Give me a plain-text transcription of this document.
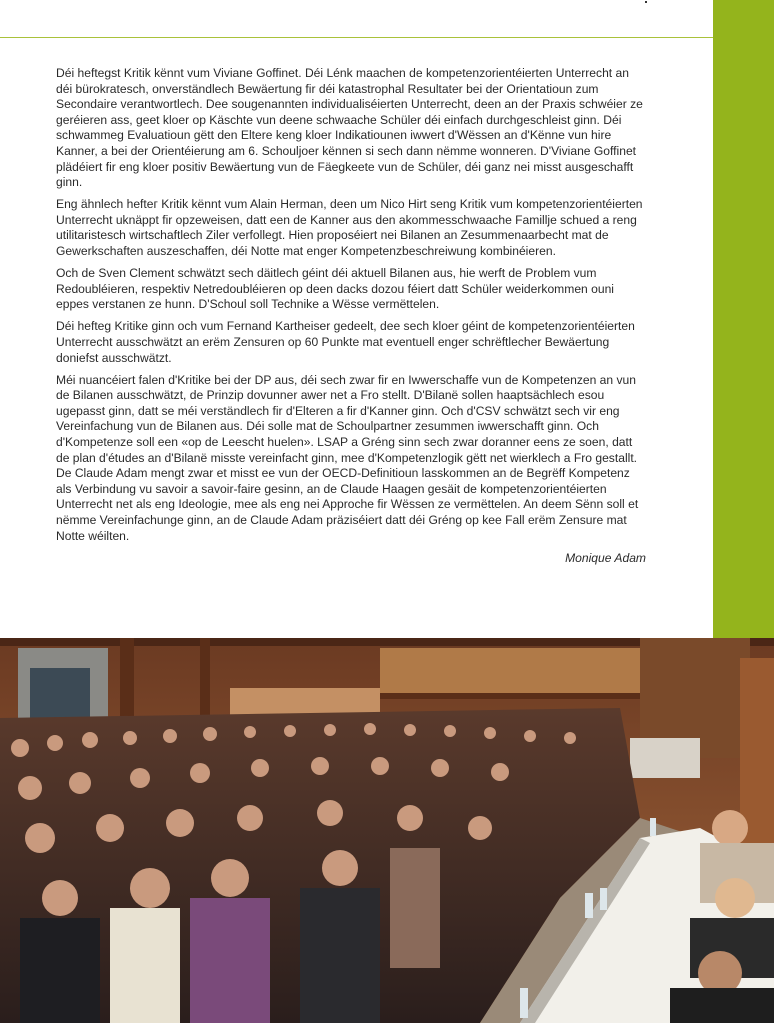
Déi heftegst Kritik kënnt vum Viviane Goffinet. Déi Lénk maachen de kompetenzorientéierten Unterrecht an déi bürokratesch, onverständlech Bewäertung fir déi katastrophal Resultater bei der Orientatioun zum Secondaire verantwortlech. Dee sougenannten individualiséierten Unterrecht, deen an der Praxis schwéier ze geréieren ass, geet kloer op Käschte vun deene schwaache Schüler déi einfach durchgeschleist ginn. Déi schwammeg Evaluatioun gëtt den Eltere keng kloer Indikatiounen iwwert d'Wëssen an d'Kënne vun hire Kanner, a bei der Orientéierung am 6. Schouljoer kënnen si sech dann nëmme wonneren. D'Viviane Goffinet plädéiert fir eng kloer positiv Bewäertung vun de Fäegkeete vun de Schüler, déi ganz nei misst ausgeschafft ginn.

Eng ähnlech heftег Kritik kënnt vum Alain Herman, deen um Nico Hirt seng Kritik vum kompetenzorientéierten Unterrecht uknäppt fir opzeweisen, datt een de Kanner aus den akommesschwaache Famillje schued a reng utilitaristesch wirtschaftlech Ziler verfollegt. Hien proposéiert nei Bilanen an Zesummenaarbecht mat de Gewerkschaften auszeschaffen, déi Notte mat enger Kompetenzbeschreiwung kombinéieren.

Och de Sven Clement schwätzt sech däitlech géint déi aktuell Bilanen aus, hie werft de Problem vum Redoubléieren, respektiv Netredoubléieren op deen dacks dozou féiert datt Schüler weiderkommen ouni eppes verstanen ze hunn. D'Schoul soll Technike a Wësse vermëttelen.

Déi hefteg Kritike ginn och vum Fernand Kartheiser gedeelt, dee sech kloer géint de kompetenzorientéierten Unterrecht ausschwätzt an erëm Zensuren op 60 Punkte mat eventuell enger schrëftlecher Bewäertung doniefst ausschwätzt.

Méi nuancéiert falen d'Kritike bei der DP aus, déi sech zwar fir en Iwwerschaffe vun de Kompetenzen an vun de Bilanen ausschwätzt, de Prinzip dovunner awer net a Fro stellt. D'Bilanë sollen haaptsächlech esou ugepasst ginn, datt se méi verständlech fir d'Elteren a fir d'Kanner ginn. Och d'CSV schwätzt sech vir eng Vereinfachung vun de Bilanen aus. Déi solle mat de Schoulpartner zesummen iwwerschafft ginn. Och d'Kompetenze soll een «op de Leescht huelen». LSAP a Gréng sinn sech zwar doranner eens ze soen, datt de plan d'études an d'Bilanë misste vereinfacht ginn, mee d'Kompetenzlogik gëtt net wierklech a Fro gestallt. De Claude Adam mengt zwar et misst ee vun der OECD-Definitioun lasskommen an de Begrëff Kompetenz als Verbindung vu savoir a savoir-faire gesinn, an de Claude Haagen gesäit de kompetenzorientéierten Unterrecht net als eng Ideologie, mee als eng nei Approche fir Wëssen ze vermëttelen. An deem Sënn soll et nëmme Vereinfachunge ginn, an de Claude Adam präziséiert datt déi Gréng op kee Fall erëm Zensure mat Notte wéilten.

Monique Adam
